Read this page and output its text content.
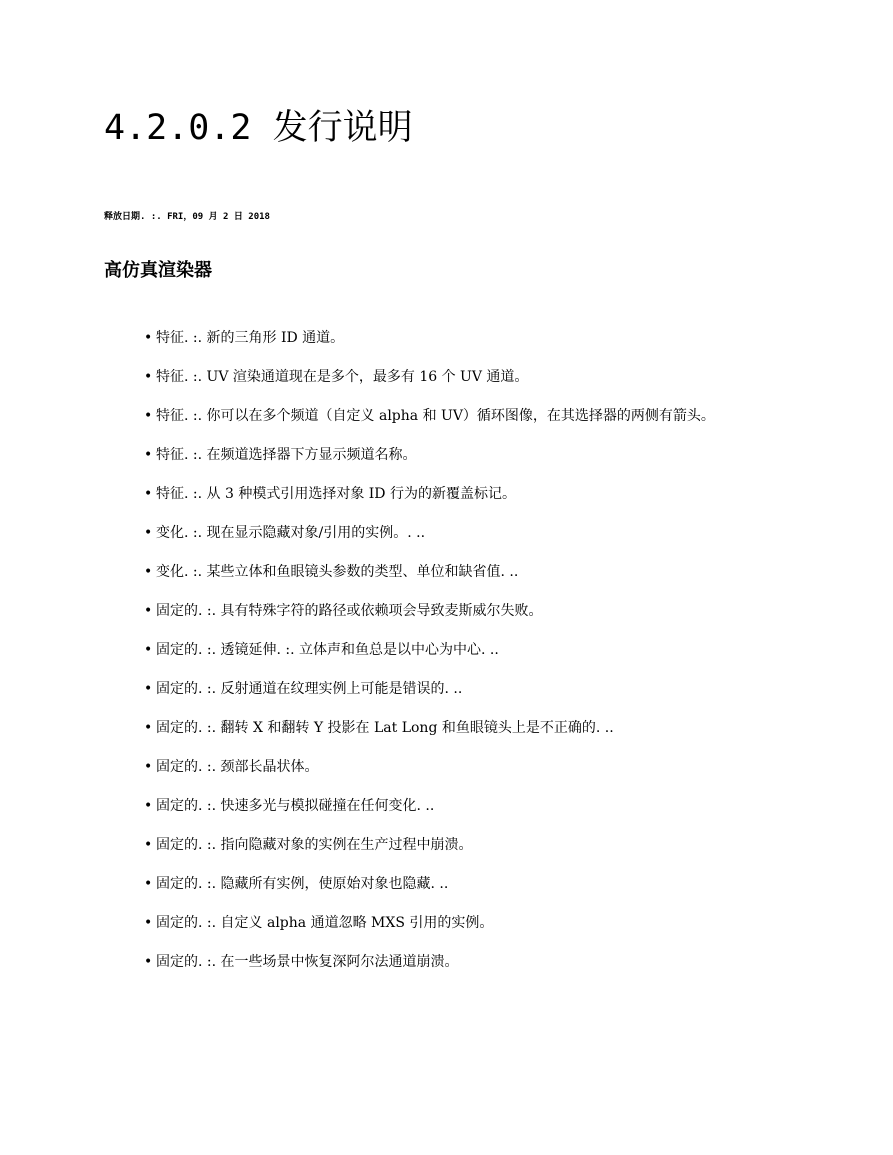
4.2.0.2 发行说明

释放日期. :. FRI，09 月 2 日 2018

高仿真渲染器
• 特征. :. 新的三角形 ID 通道。
• 特征. :. UV 渲染通道现在是多个，最多有 16 个 UV 通道。
• 特征. :. 你可以在多个频道（自定义 alpha 和 UV）循环图像，在其选择器的两侧有箭头。
• 特征. :. 在频道选择器下方显示频道名称。
• 特征. :. 从 3 种模式引用选择对象 ID 行为的新覆盖标记。
• 变化. :. 现在显示隐藏对象/引用的实例。. ..
• 变化. :. 某些立体和鱼眼镜头参数的类型、单位和缺省值. ..
• 固定的. :. 具有特殊字符的路径或依赖项会导致麦斯威尔失败。
• 固定的. :. 透镜延伸. :. 立体声和鱼总是以中心为中心. ..
• 固定的. :. 反射通道在纹理实例上可能是错误的. ..
• 固定的. :. 翻转 X 和翻转 Y 投影在 Lat Long 和鱼眼镜头上是不正确的. ..
• 固定的. :. 颈部长晶状体。
• 固定的. :. 快速多光与模拟碰撞在任何变化. ..
• 固定的. :. 指向隐藏对象的实例在生产过程中崩溃。
• 固定的. :. 隐藏所有实例，使原始对象也隐藏. ..
• 固定的. :. 自定义 alpha 通道忽略 MXS 引用的实例。
• 固定的. :. 在一些场景中恢复深阿尔法通道崩溃。
